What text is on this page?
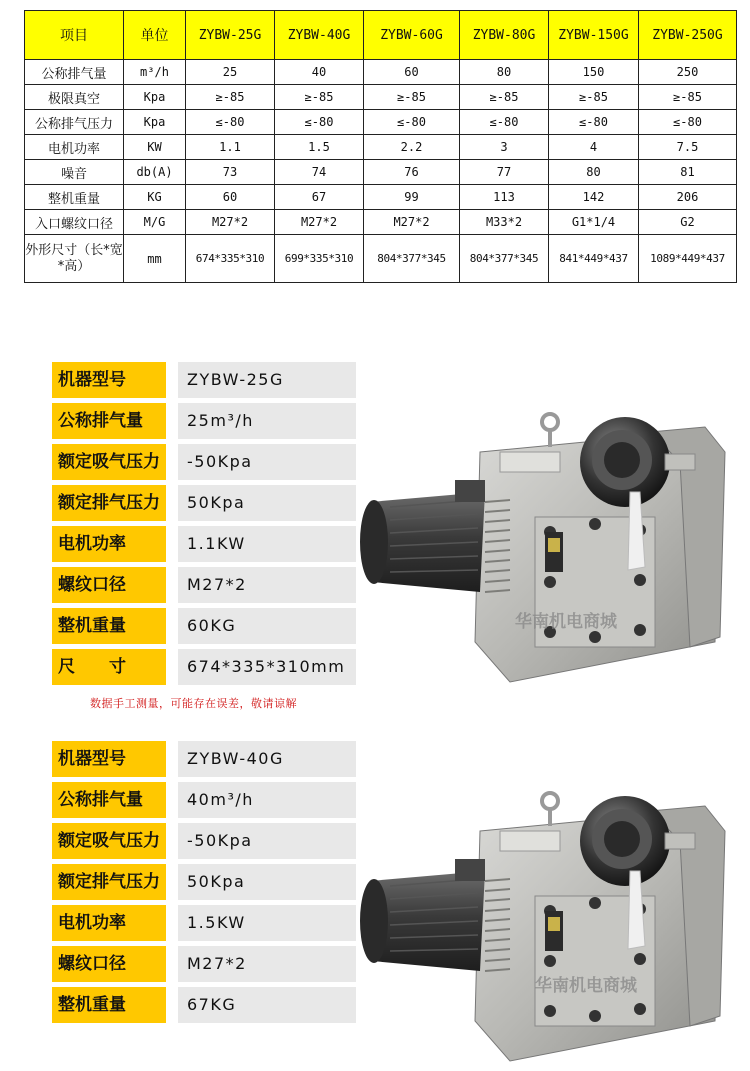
项目	单位	ZYBW-25G	ZYBW-40G	ZYBW-60G	ZYBW-80G	ZYBW-150G	ZYBW-250G
公称排气量	m³/h	25	40	60	80	150	250
极限真空	Kpa	≥-85	≥-85	≥-85	≥-85	≥-85	≥-85
公称排气压力	Kpa	≤-80	≤-80	≤-80	≤-80	≤-80	≤-80
电机功率	KW	1.1	1.5	2.2	3	4	7.5
噪音	db(A)	73	74	76	77	80	81
整机重量	KG	60	67	99	113	142	206
入口螺纹口径	M/G	M27*2	M27*2	M27*2	M33*2	G1*1/4	G2
外形尺寸（长*宽*高）	mm	674*335*310	699*335*310	804*377*345	804*377*345	841*449*437	1089*449*437
机器型号	ZYBW-25G
公称排气量	25m³/h
额定吸气压力	-50Kpa
额定排气压力	50Kpa
电机功率	1.1KW
螺纹口径	M27*2
整机重量	60KG
尺　　寸	674*335*310mm
数据手工测量，可能存在误差，敬请谅解
华南机电商城
机器型号	ZYBW-40G
公称排气量	40m³/h
额定吸气压力	-50Kpa
额定排气压力	50Kpa
电机功率	1.5KW
螺纹口径	M27*2
整机重量	67KG
华南机电商城
